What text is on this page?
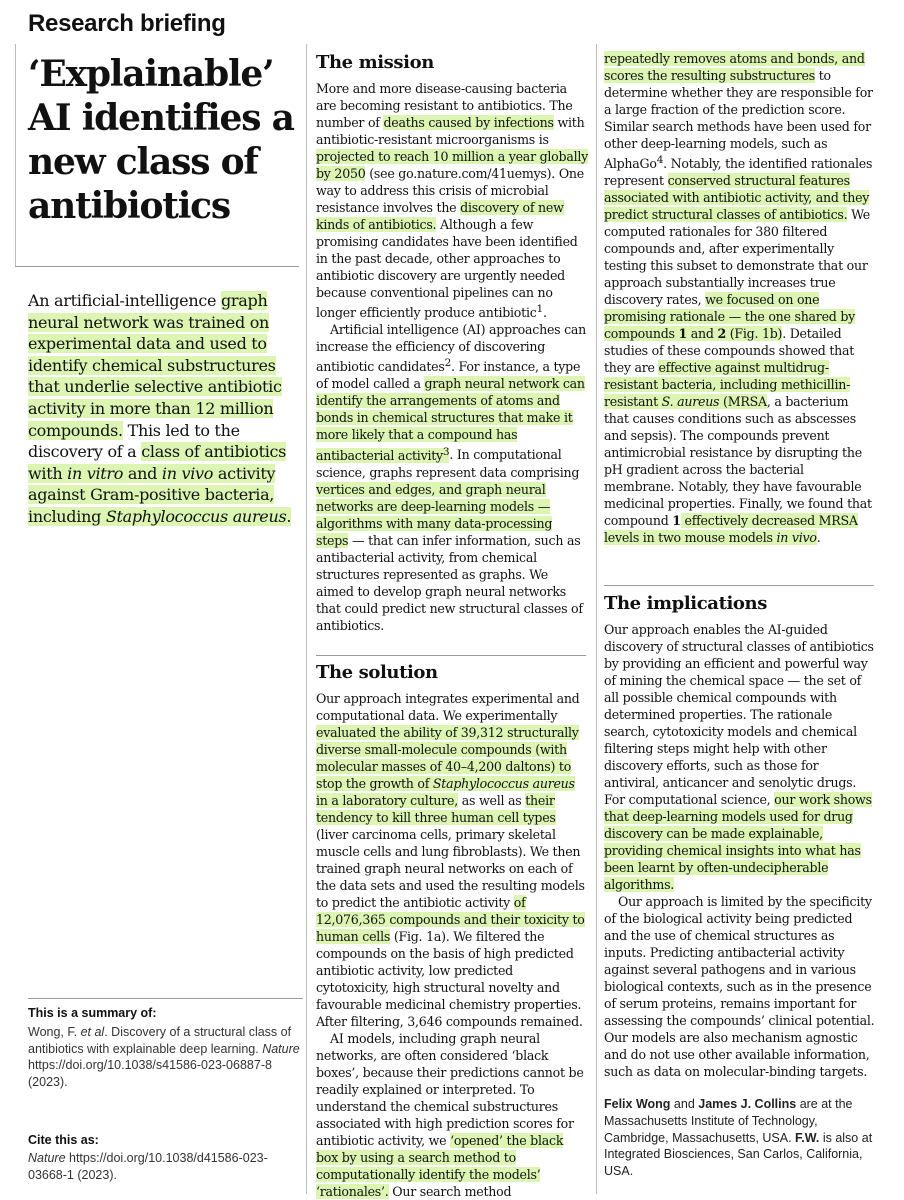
Research briefing
‘Explainable’ AI identifies a new class of antibiotics

An artificial-intelligence graph neural network was trained on experimental data and used to identify chemical substructures that underlie selective antibiotic activity in more than 12 million compounds. This led to the discovery of a class of antibiotics with in vitro and in vivo activity against Gram-positive bacteria, including Staphylococcus aureus.

This is a summary of:

Wong, F. et al. Discovery of a structural class of antibiotics with explainable deep learning. Nature https://doi.org/10.1038/s41586-023-06887-8 (2023).

Cite this as:

Nature https://doi.org/10.1038/d41586-023-03668-1 (2023).

The mission

More and more disease-causing bacteria are becoming resistant to antibiotics. The number of deaths caused by infections with antibiotic-resistant microorganisms is projected to reach 10 million a year globally by 2050 (see go.nature.com/41uemys). One way to address this crisis of microbial resistance involves the discovery of new kinds of antibiotics. Although a few promising candidates have been identified in the past decade, other approaches to antibiotic discovery are urgently needed because conventional pipelines can no longer efficiently produce antibiotic$^1$.

Artificial intelligence (AI) approaches can increase the efficiency of discovering antibiotic candidates$^2$. For instance, a type of model called a graph neural network can identify the arrangements of atoms and bonds in chemical structures that make it more likely that a compound has antibacterial activity$^3$. In computational science, graphs represent data comprising vertices and edges, and graph neural networks are deep-learning models — algorithms with many data-processing steps — that can infer information, such as antibacterial activity, from chemical structures represented as graphs. We aimed to develop graph neural networks that could predict new structural classes of antibiotics.

The solution

Our approach integrates experimental and computational data. We experimentally evaluated the ability of 39,312 structurally diverse small-molecule compounds (with molecular masses of 40–4,200 daltons) to stop the growth of Staphylococcus aureus in a laboratory culture, as well as their tendency to kill three human cell types (liver carcinoma cells, primary skeletal muscle cells and lung fibroblasts). We then trained graph neural networks on each of the data sets and used the resulting models to predict the antibiotic activity of 12,076,365 compounds and their toxicity to human cells (Fig. 1a). We filtered the compounds on the basis of high predicted antibiotic activity, low predicted cytotoxicity, high structural novelty and favourable medicinal chemistry properties. After filtering, 3,646 compounds remained.

AI models, including graph neural networks, are often considered ‘black boxes’, because their predictions cannot be readily explained or interpreted. To understand the chemical substructures associated with high prediction scores for antibiotic activity, we ‘opened’ the black box by using a search method to computationally identify the models’ ‘rationales’. Our search method

repeatedly removes atoms and bonds, and scores the resulting substructures to determine whether they are responsible for a large fraction of the prediction score. Similar search methods have been used for other deep-learning models, such as AlphaGo$^4$. Notably, the identified rationales represent conserved structural features associated with antibiotic activity, and they predict structural classes of antibiotics. We computed rationales for 380 filtered compounds and, after experimentally testing this subset to demonstrate that our approach substantially increases true discovery rates, we focused on one promising rationale — the one shared by compounds 1 and 2 (Fig. 1b). Detailed studies of these compounds showed that they are effective against multidrug-resistant bacteria, including methicillin-resistant S. aureus (MRSA, a bacterium that causes conditions such as abscesses and sepsis). The compounds prevent antimicrobial resistance by disrupting the pH gradient across the bacterial membrane. Notably, they have favourable medicinal properties. Finally, we found that compound 1 effectively decreased MRSA levels in two mouse models in vivo.

The implications

Our approach enables the AI-guided discovery of structural classes of antibiotics by providing an efficient and powerful way of mining the chemical space — the set of all possible chemical compounds with determined properties. The rationale search, cytotoxicity models and chemical filtering steps might help with other discovery efforts, such as those for antiviral, anticancer and senolytic drugs. For computational science, our work shows that deep-learning models used for drug discovery can be made explainable, providing chemical insights into what has been learnt by often-undecipherable algorithms.

Our approach is limited by the specificity of the biological activity being predicted and the use of chemical structures as inputs. Predicting antibacterial activity against several pathogens and in various biological contexts, such as in the presence of serum proteins, remains important for assessing the compounds’ clinical potential. Our models are also mechanism agnostic and do not use other available information, such as data on molecular-binding targets.

Felix Wong and James J. Collins are at the Massachusetts Institute of Technology, Cambridge, Massachusetts, USA. F.W. is also at Integrated Biosciences, San Carlos, California, USA.
